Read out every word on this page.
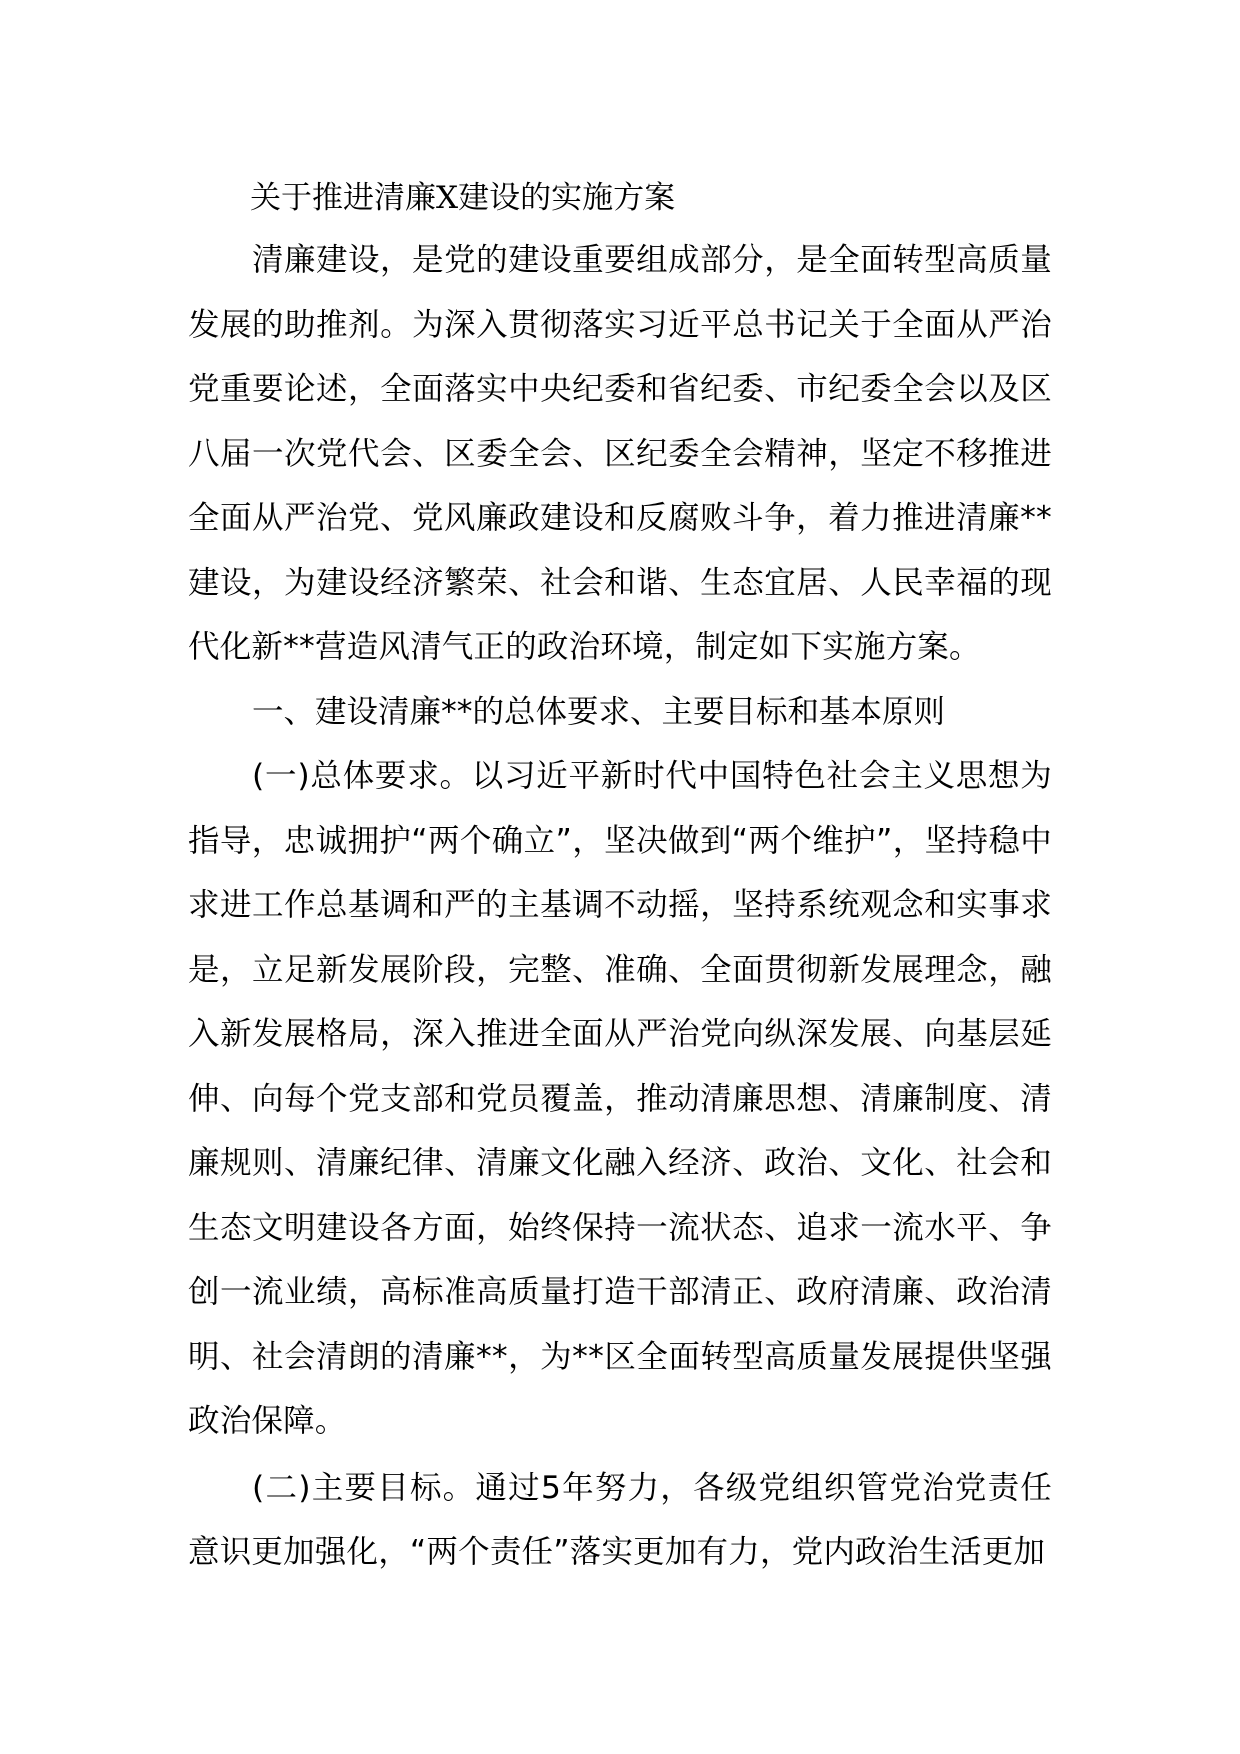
关于推进清廉X建设的实施方案

清廉建设，是党的建设重要组成部分，是全面转型高质量发展的助推剂。为深入贯彻落实习近平总书记关于全面从严治党重要论述，全面落实中央纪委和省纪委、市纪委全会以及区八届一次党代会、区委全会、区纪委全会精神，坚定不移推进全面从严治党、党风廉政建设和反腐败斗争，着力推进清廉**建设，为建设经济繁荣、社会和谐、生态宜居、人民幸福的现代化新**营造风清气正的政治环境，制定如下实施方案。

一、建设清廉**的总体要求、主要目标和基本原则

(一)总体要求。以习近平新时代中国特色社会主义思想为指导，忠诚拥护“两个确立”，坚决做到“两个维护”，坚持稳中求进工作总基调和严的主基调不动摇，坚持系统观念和实事求是，立足新发展阶段，完整、准确、全面贯彻新发展理念，融入新发展格局，深入推进全面从严治党向纵深发展、向基层延伸、向每个党支部和党员覆盖，推动清廉思想、清廉制度、清廉规则、清廉纪律、清廉文化融入经济、政治、文化、社会和生态文明建设各方面，始终保持一流状态、追求一流水平、争创一流业绩，高标准高质量打造干部清正、政府清廉、政治清明、社会清朗的清廉**，为**区全面转型高质量发展提供坚强政治保障。

(二)主要目标。通过5年努力，各级党组织管党治党责任意识更加强化，“两个责任”落实更加有力，党内政治生活更加
